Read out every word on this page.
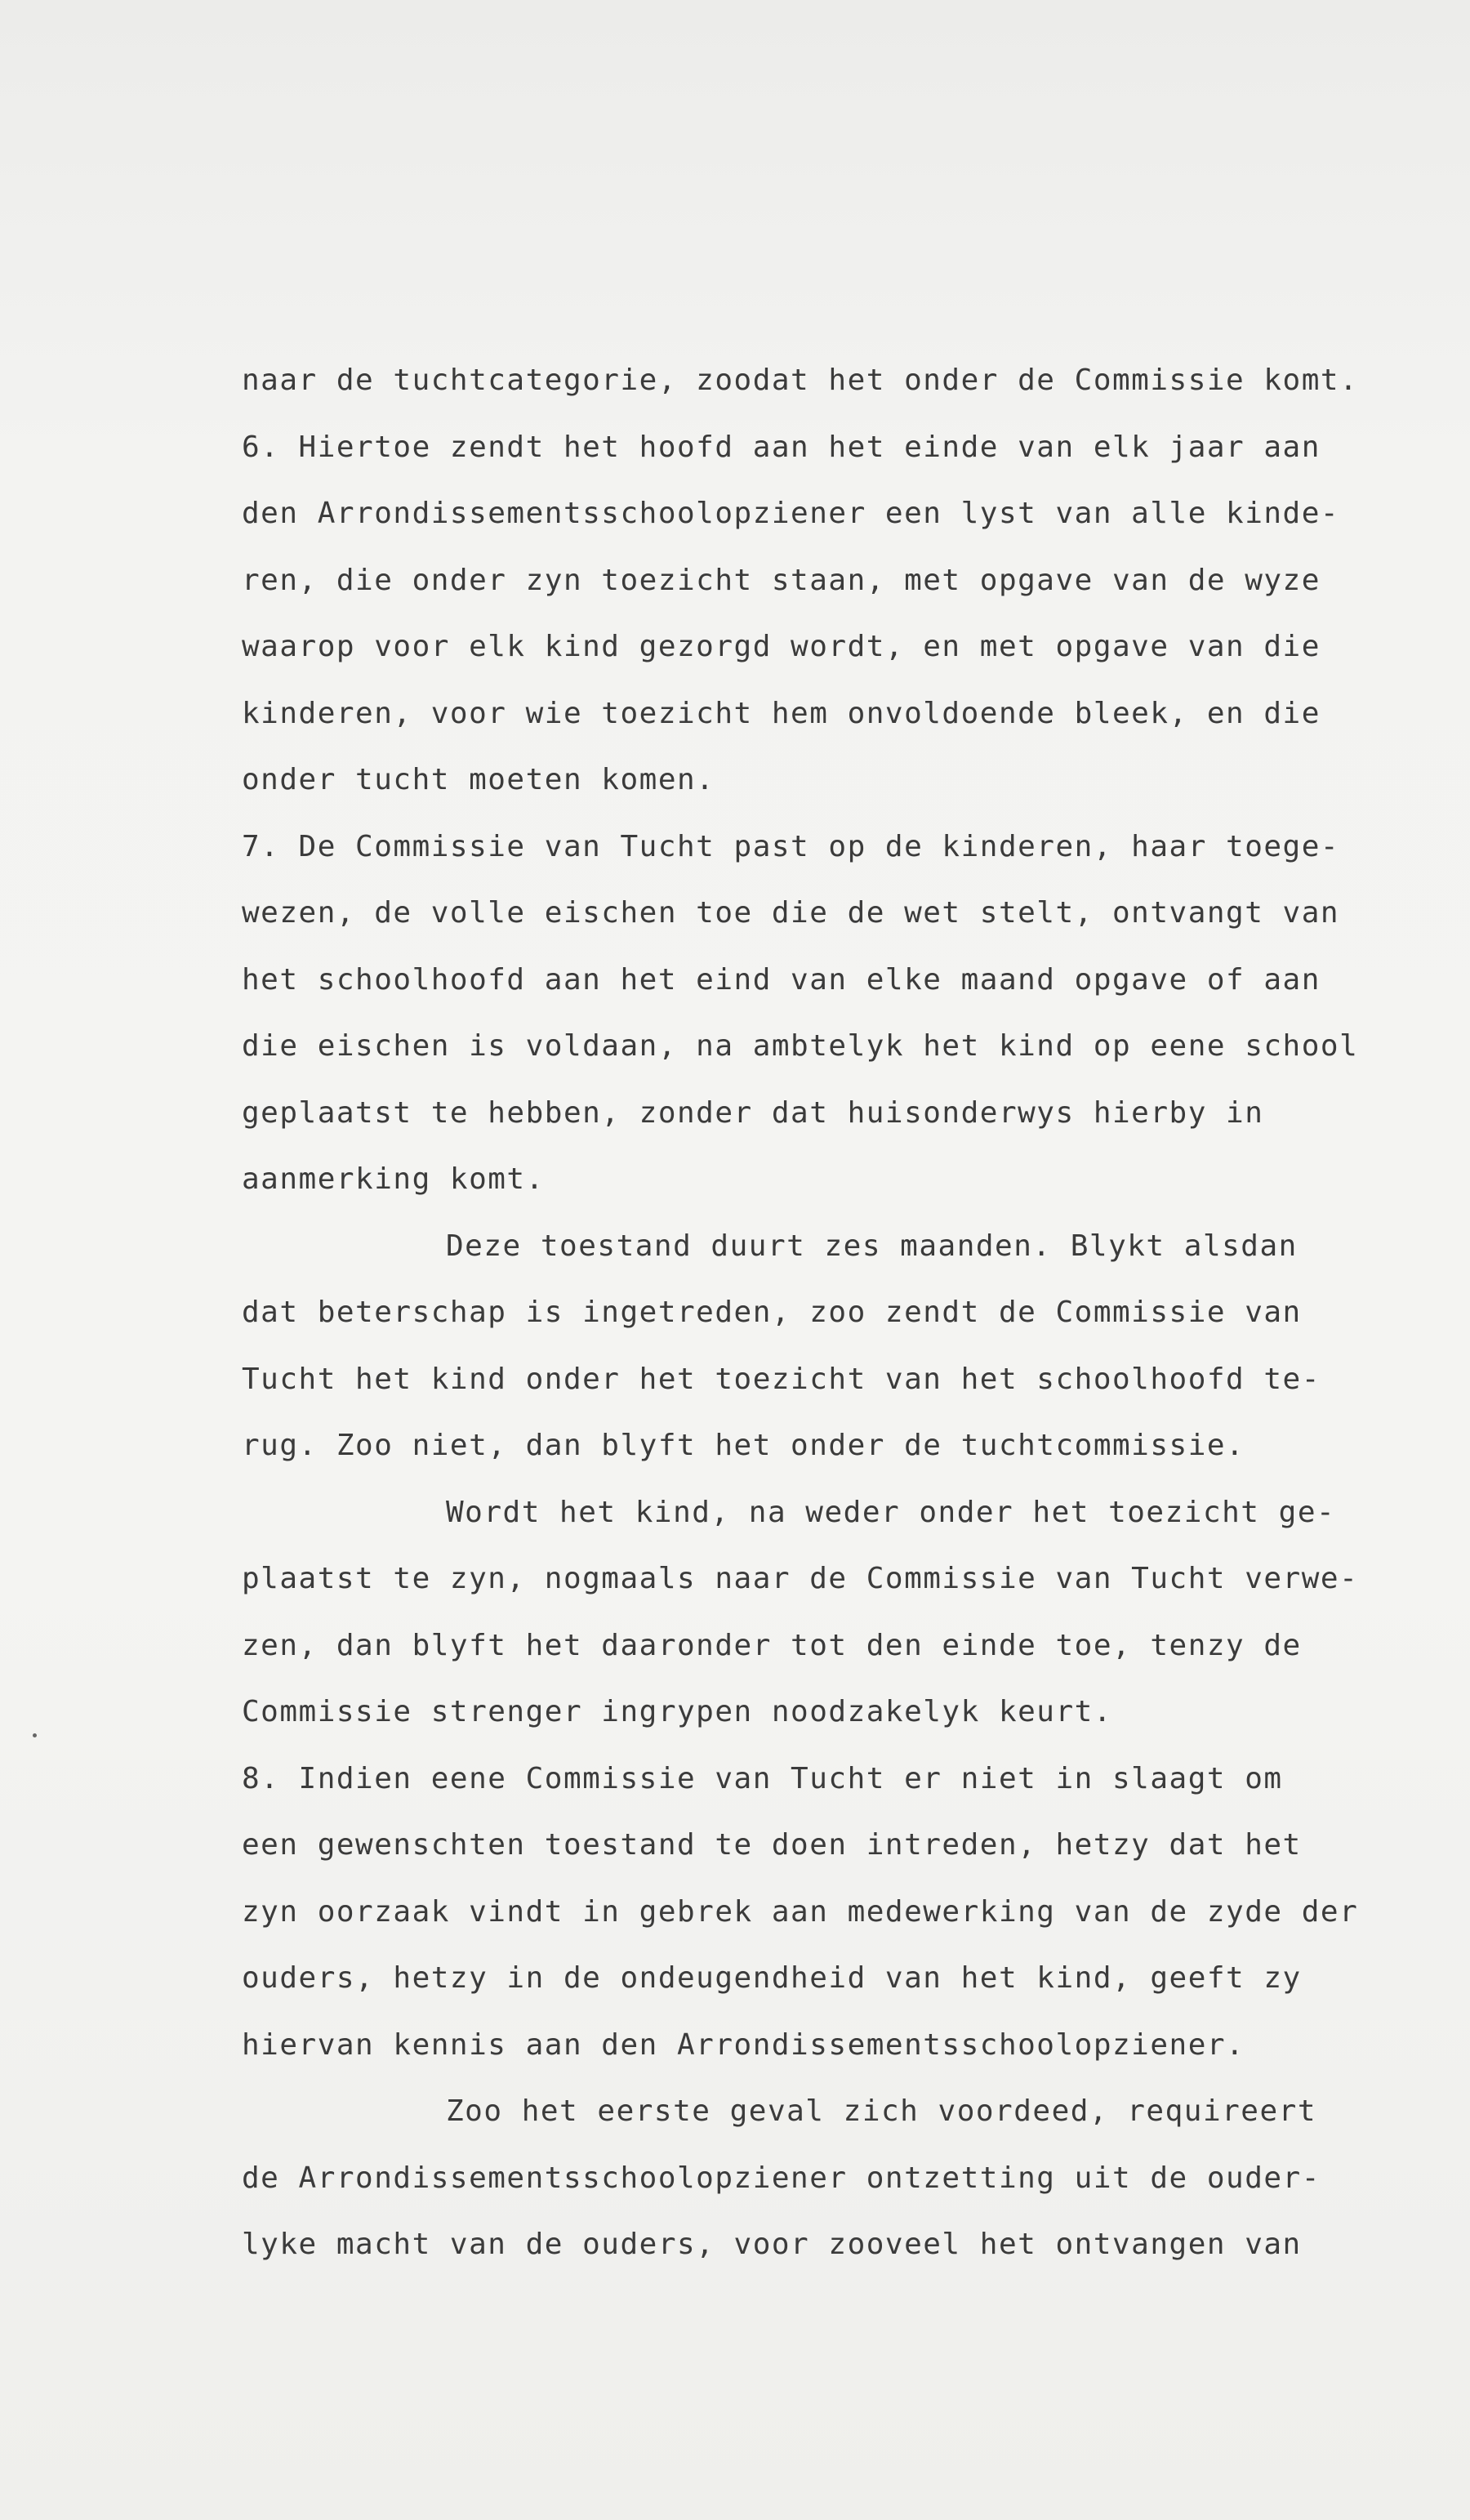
naar de tuchtcategorie, zoodat het onder de Commissie komt.
6. Hiertoe zendt het hoofd aan het einde van elk jaar aan
den Arrondissementsschoolopziener een lyst van alle kinde-
ren, die onder zyn toezicht staan, met opgave van de wyze
waarop voor elk kind gezorgd wordt, en met opgave van die
kinderen, voor wie toezicht hem onvoldoende bleek, en die
onder tucht moeten komen.
7. De Commissie van Tucht past op de kinderen, haar toege-
wezen, de volle eischen toe die de wet stelt, ontvangt van
het schoolhoofd aan het eind van elke maand opgave of aan
die eischen is voldaan, na ambtelyk het kind op eene school
geplaatst te hebben, zonder dat huisonderwys hierby in
aanmerking komt.
Deze toestand duurt zes maanden. Blykt alsdan
dat beterschap is ingetreden, zoo zendt de Commissie van
Tucht het kind onder het toezicht van het schoolhoofd te-
rug. Zoo niet, dan blyft het onder de tuchtcommissie.
Wordt het kind, na weder onder het toezicht ge-
plaatst te zyn, nogmaals naar de Commissie van Tucht verwe-
zen, dan blyft het daaronder tot den einde toe, tenzy de
Commissie strenger ingrypen noodzakelyk keurt.
8. Indien eene Commissie van Tucht er niet in slaagt om
een gewenschten toestand te doen intreden, hetzy dat het
zyn oorzaak vindt in gebrek aan medewerking van de zyde der
ouders, hetzy in de ondeugendheid van het kind, geeft zy
hiervan kennis aan den Arrondissementsschoolopziener.
Zoo het eerste geval zich voordeed, requireert
de Arrondissementsschoolopziener ontzetting uit de ouder-
lyke macht van de ouders, voor zooveel het ontvangen van
